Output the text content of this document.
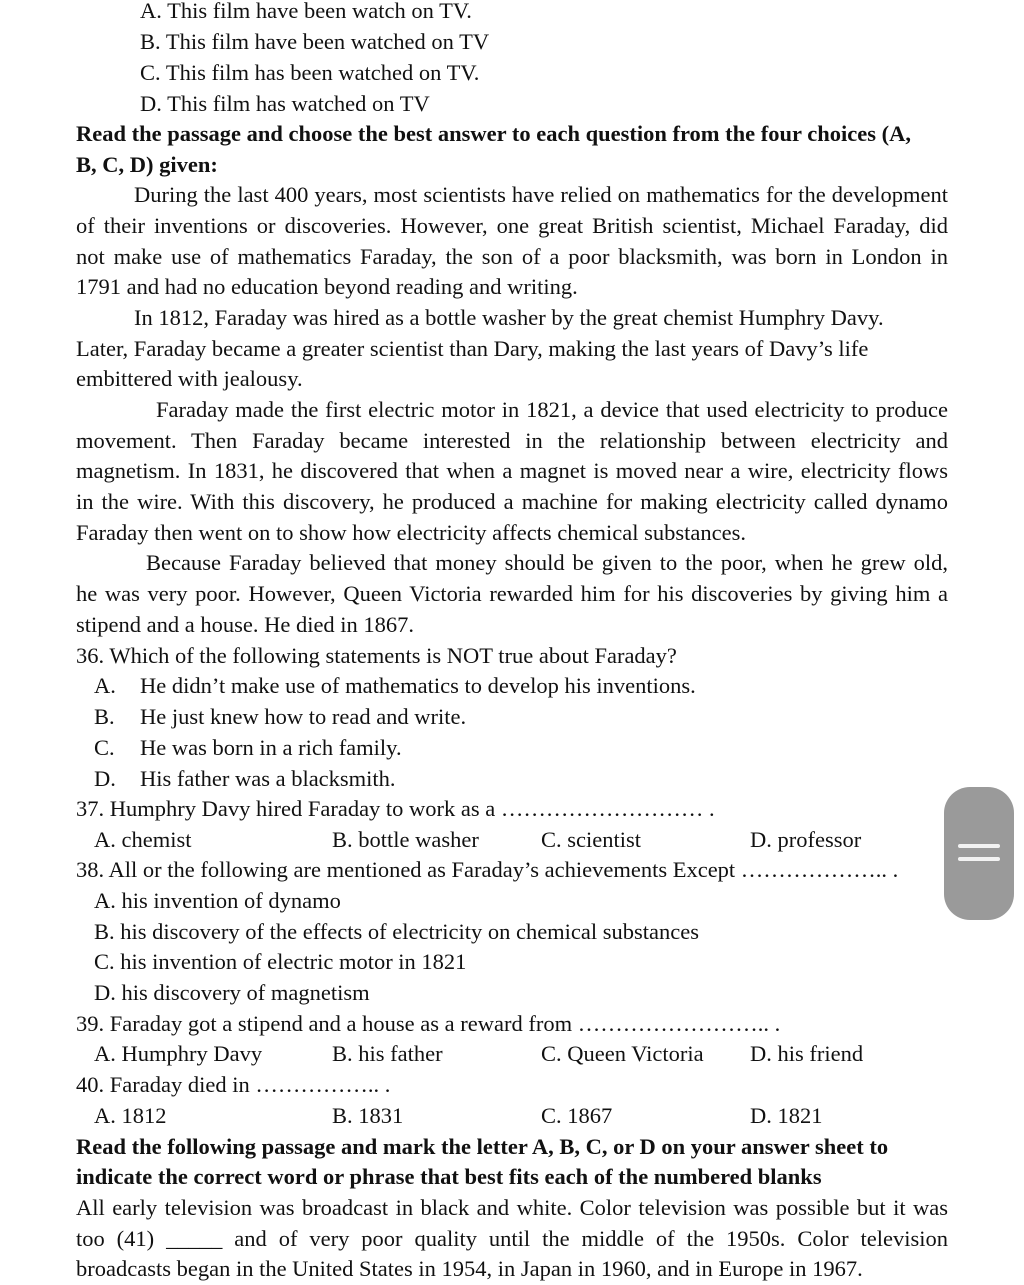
A. This film have been watch on TV.
B. This film have been watched on TV
C. This film has been watched on TV.
D. This film has watched on TV
Read the passage and choose the best answer to each question from the four choices (A,
B, C, D) given:
During the last 400 years, most scientists have relied on mathematics for the development
of their inventions or discoveries. However, one great British scientist, Michael Faraday, did
not make use of mathematics Faraday, the son of a poor blacksmith, was born in London in
1791 and had no education beyond reading and writing.
In 1812, Faraday was hired as a bottle washer by the great chemist Humphry Davy.
Later, Faraday became a greater scientist than Dary, making the last years of Davy’s life
embittered with jealousy.
Faraday made the first electric motor in 1821, a device that used electricity to produce
movement. Then Faraday became interested in the relationship between electricity and
magnetism. In 1831, he discovered that when a magnet is moved near a wire, electricity flows
in the wire. With this discovery, he produced a machine for making electricity called dynamo
Faraday then went on to show how electricity affects chemical substances.
Because Faraday believed that money should be given to the poor, when he grew old,
he was very poor. However, Queen Victoria rewarded him for his discoveries by giving him a
stipend and a house. He died in 1867.
36. Which of the following statements is NOT true about Faraday?
A. He didn’t make use of mathematics to develop his inventions.
B. He just knew how to read and write.
C. He was born in a rich family.
D. His father was a blacksmith.
37. Humphry Davy hired Faraday to work as a ……………………… .
A. chemist	B. bottle washer	C. scientist	D. professor
38. All or the following are mentioned as Faraday’s achievements Except ……………….. .
A. his invention of dynamo
B. his discovery of the effects of electricity on chemical substances
C. his invention of electric motor in 1821
D. his discovery of magnetism
39. Faraday got a stipend and a house as a reward from …………………….. .
A. Humphry Davy	B. his father	C. Queen Victoria D. his friend
40. Faraday died in …………….. .
A. 1812	B. 1831	C. 1867	D. 1821
Read the following passage and mark the letter A, B, C, or D on your answer sheet to
indicate the correct word or phrase that best fits each of the numbered blanks
All early television was broadcast in black and white. Color television was possible but it was
too (41) _____ and of very poor quality until the middle of the 1950s. Color television
broadcasts began in the United States in 1954, in Japan in 1960, and in Europe in 1967.
